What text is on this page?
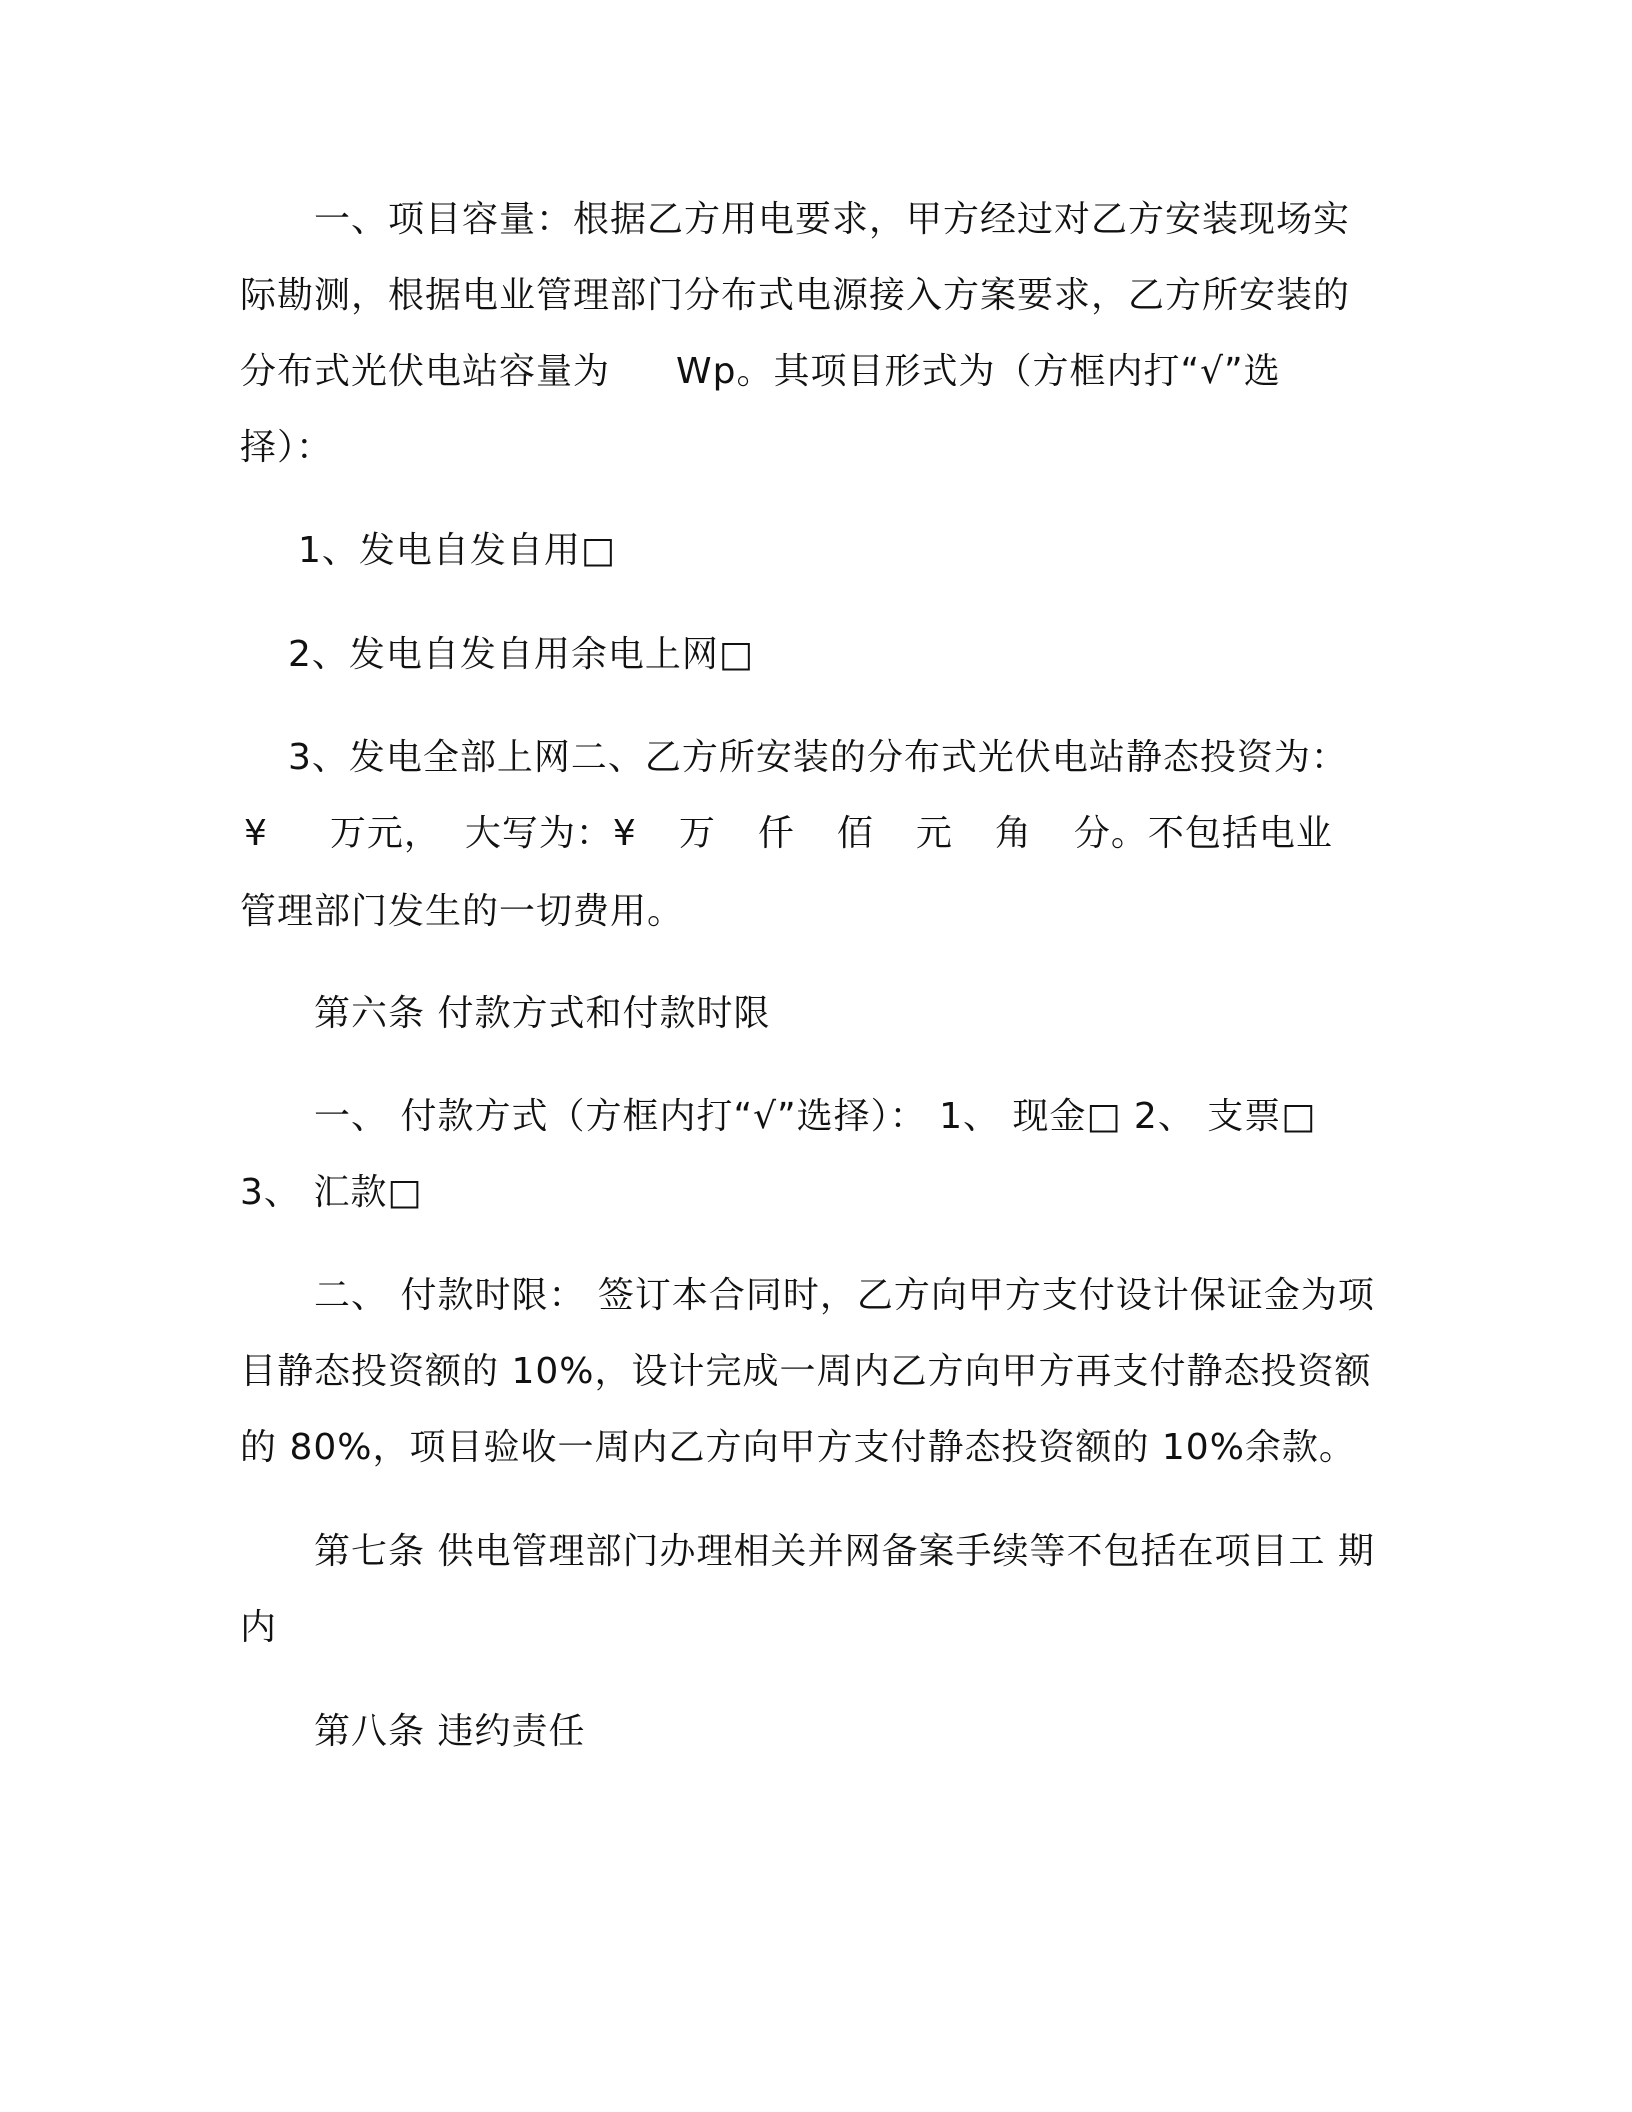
一、项目容量：根据乙方用电要求，甲方经过对乙方安装现场实
际勘测，根据电业管理部门分布式电源接入方案要求，乙方所安装的
分布式光伏电站容量为 Wp。其项目形式为（方框内打“√”选
择）：
1、发电自发自用□
2、发电自发自用余电上网□
3、发电全部上网二、乙方所安装的分布式光伏电站静态投资为：
¥ 万元， 大写为：¥ 万 仟 佰 元 角 分。不包括电业
管理部门发生的一切费用。
第六条 付款方式和付款时限
一、 付款方式（方框内打“√”选择）： 1、 现金□ 2、 支票□
3、 汇款□
二、 付款时限： 签订本合同时，乙方向甲方支付设计保证金为项
目静态投资额的 10%，设计完成一周内乙方向甲方再支付静态投资额
的 80%，项目验收一周内乙方向甲方支付静态投资额的 10%余款。
第七条 供电管理部门办理相关并网备案手续等不包括在项目工 期
内
第八条 违约责任
